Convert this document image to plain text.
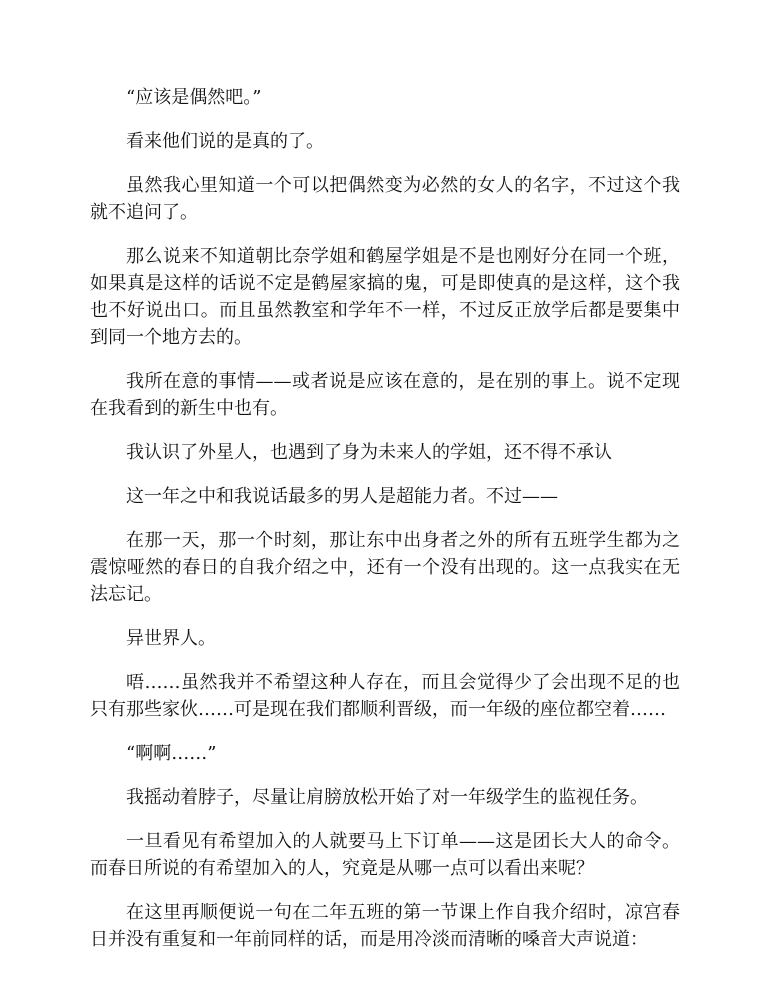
“应该是偶然吧。”

看来他们说的是真的了。

虽然我心里知道一个可以把偶然变为必然的女人的名字，不过这个我就不追问了。

那么说来不知道朝比奈学姐和鹤屋学姐是不是也刚好分在同一个班，如果真是这样的话说不定是鹤屋家搞的鬼，可是即使真的是这样，这个我也不好说出口。而且虽然教室和学年不一样，不过反正放学后都是要集中到同一个地方去的。

我所在意的事情——或者说是应该在意的，是在别的事上。说不定现在我看到的新生中也有。

我认识了外星人，也遇到了身为未来人的学姐，还不得不承认

这一年之中和我说话最多的男人是超能力者。不过——

在那一天，那一个时刻，那让东中出身者之外的所有五班学生都为之震惊哑然的春日的自我介绍之中，还有一个没有出现的。这一点我实在无法忘记。

异世界人。

唔……虽然我并不希望这种人存在，而且会觉得少了会出现不足的也只有那些家伙……可是现在我们都顺利晋级，而一年级的座位都空着……

“啊啊……”

我摇动着脖子，尽量让肩膀放松开始了对一年级学生的监视任务。

一旦看见有希望加入的人就要马上下订单——这是团长大人的命令。而春日所说的有希望加入的人，究竟是从哪一点可以看出来呢？

在这里再顺便说一句在二年五班的第一节课上作自我介绍时，凉宫春日并没有重复和一年前同样的话，而是用冷淡而清晰的嗓音大声说道：
